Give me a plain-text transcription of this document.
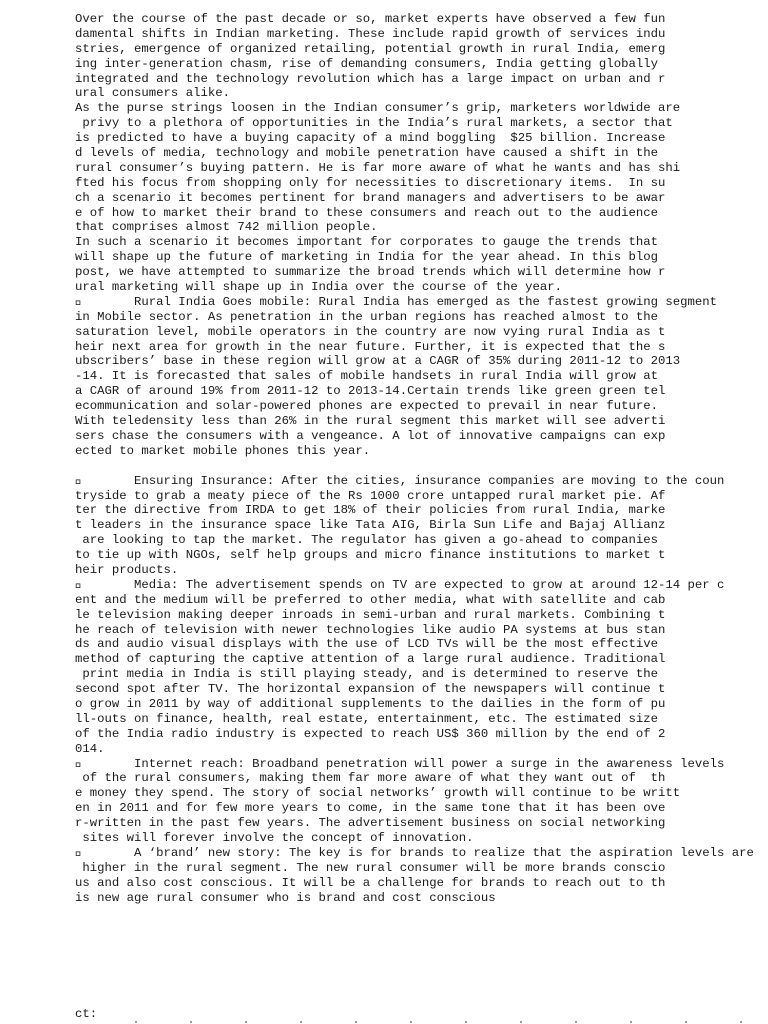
Over the course of the past decade or so, market experts have observed a few fun
damental shifts in Indian marketing. These include rapid growth of services indu
stries, emergence of organized retailing, potential growth in rural India, emerg
ing inter-generation chasm, rise of demanding consumers, India getting globally
integrated and the technology revolution which has a large impact on urban and r
ural consumers alike.
As the purse strings loosen in the Indian consumer’s grip, marketers worldwide are
privy to a plethora of opportunities in the India’s rural markets, a sector that
is predicted to have a buying capacity of a mind boggling  $25 billion. Increase
d levels of media, technology and mobile penetration have caused a shift in the
rural consumer’s buying pattern. He is far more aware of what he wants and has shi
fted his focus from shopping only for necessities to discretionary items.  In su
ch a scenario it becomes pertinent for brand managers and advertisers to be awar
e of how to market their brand to these consumers and reach out to the audience
that comprises almost 742 million people.
In such a scenario it becomes important for corporates to gauge the trends that
will shape up the future of marketing in India for the year ahead. In this blog
post, we have attempted to summarize the broad trends which will determine how r
ural marketing will shape up in India over the course of the year.
Rural India Goes mobile: Rural India has emerged as the fastest growing segment
in Mobile sector. As penetration in the urban regions has reached almost to the
saturation level, mobile operators in the country are now vying rural India as t
heir next area for growth in the near future. Further, it is expected that the s
ubscribers’ base in these region will grow at a CAGR of 35% during 2011-12 to 2013
-14. It is forecasted that sales of mobile handsets in rural India will grow at
a CAGR of around 19% from 2011-12 to 2013-14.Certain trends like green green tel
ecommunication and solar-powered phones are expected to prevail in near future.
With teledensity less than 26% in the rural segment this market will see adverti
sers chase the consumers with a vengeance. A lot of innovative campaigns can exp
ected to market mobile phones this year.
Ensuring Insurance: After the cities, insurance companies are moving to the coun
tryside to grab a meaty piece of the Rs 1000 crore untapped rural market pie. Af
ter the directive from IRDA to get 18% of their policies from rural India, marke
t leaders in the insurance space like Tata AIG, Birla Sun Life and Bajaj Allianz
are looking to tap the market. The regulator has given a go-ahead to companies
to tie up with NGOs, self help groups and micro finance institutions to market t
heir products.
Media: The advertisement spends on TV are expected to grow at around 12-14 per c
ent and the medium will be preferred to other media, what with satellite and cab
le television making deeper inroads in semi-urban and rural markets. Combining t
he reach of television with newer technologies like audio PA systems at bus stan
ds and audio visual displays with the use of LCD TVs will be the most effective
method of capturing the captive attention of a large rural audience. Traditional
print media in India is still playing steady, and is determined to reserve the
second spot after TV. The horizontal expansion of the newspapers will continue t
o grow in 2011 by way of additional supplements to the dailies in the form of pu
ll-outs on finance, health, real estate, entertainment, etc. The estimated size
of the India radio industry is expected to reach US$ 360 million by the end of 2
014.
Internet reach: Broadband penetration will power a surge in the awareness levels
of the rural consumers, making them far more aware of what they want out of  th
e money they spend. The story of social networks’ growth will continue to be writt
en in 2011 and for few more years to come, in the same tone that it has been ove
r-written in the past few years. The advertisement business on social networking
sites will forever involve the concept of innovation.
A ‘brand’ new story: The key is for brands to realize that the aspiration levels are
higher in the rural segment. The new rural consumer will be more brands conscio
us and also cost conscious. It will be a challenge for brands to reach out to th
is new age rural consumer who is brand and cost conscious
ct:
